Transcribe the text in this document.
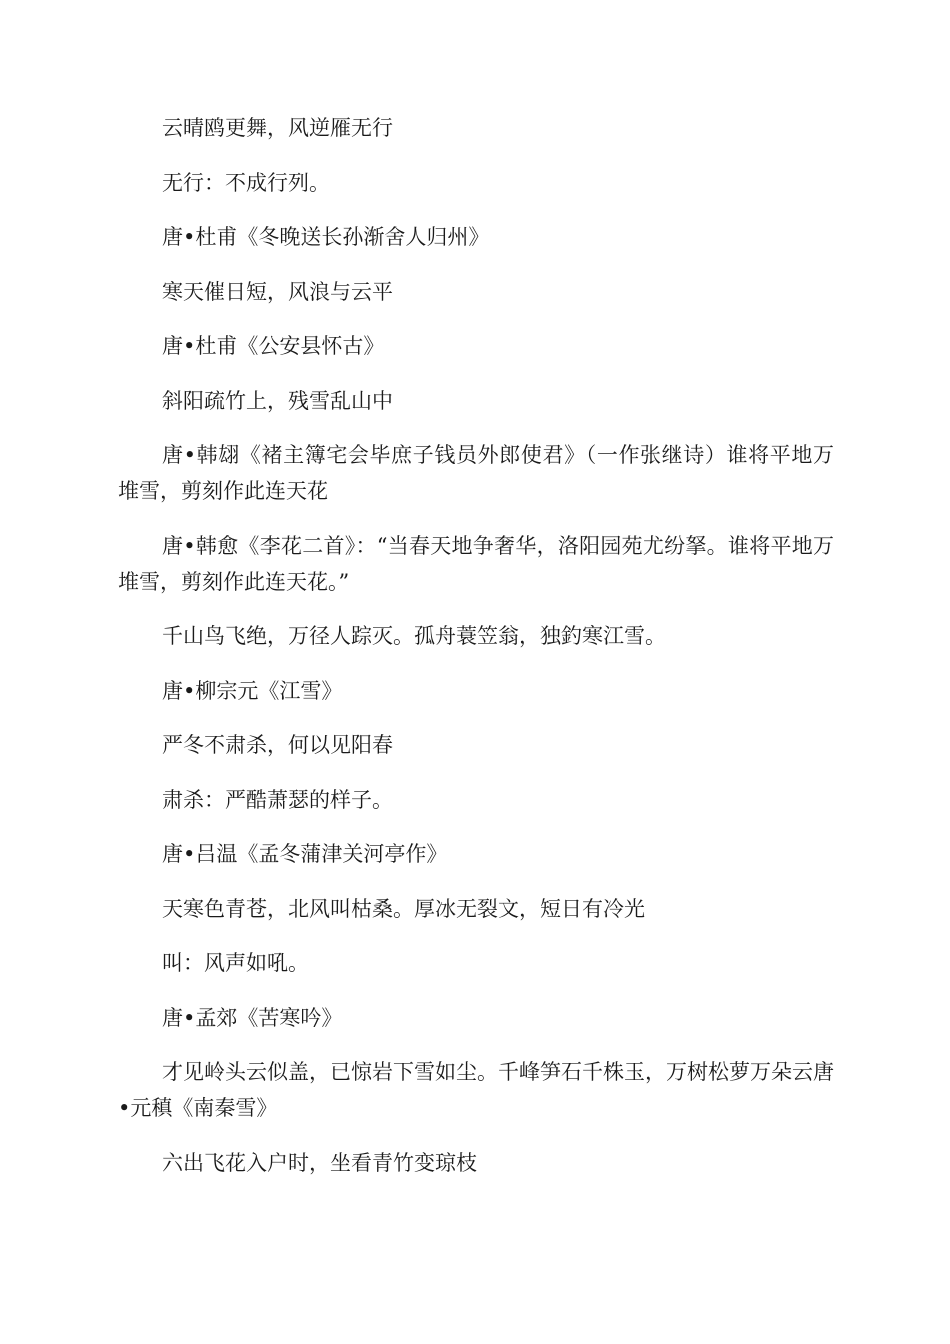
云晴鸥更舞，风逆雁无行

无行：不成行列。

唐•杜甫《冬晚送长孙渐舍人归州》

寒天催日短，风浪与云平

唐•杜甫《公安县怀古》

斜阳疏竹上，残雪乱山中

唐•韩翃《褚主簿宅会毕庶子钱员外郎使君》（一作张继诗）谁将平地万堆雪，剪刻作此连天花

唐•韩愈《李花二首》：“当春天地争奢华，洛阳园苑尤纷拏。谁将平地万堆雪，剪刻作此连天花。”

千山鸟飞绝，万径人踪灭。孤舟蓑笠翁，独釣寒江雪。

唐•柳宗元《江雪》

严冬不肃杀，何以见阳春

肃杀：严酷萧瑟的样子。

唐•吕温《孟冬蒲津关河亭作》

天寒色青苍，北风叫枯桑。厚冰无裂文，短日有冷光

叫：风声如吼。

唐•孟郊《苦寒吟》

才见岭头云似盖，已惊岩下雪如尘。千峰笋石千株玉，万树松萝万朵云唐•元稹《南秦雪》

六出飞花入户时，坐看青竹变琼枝
